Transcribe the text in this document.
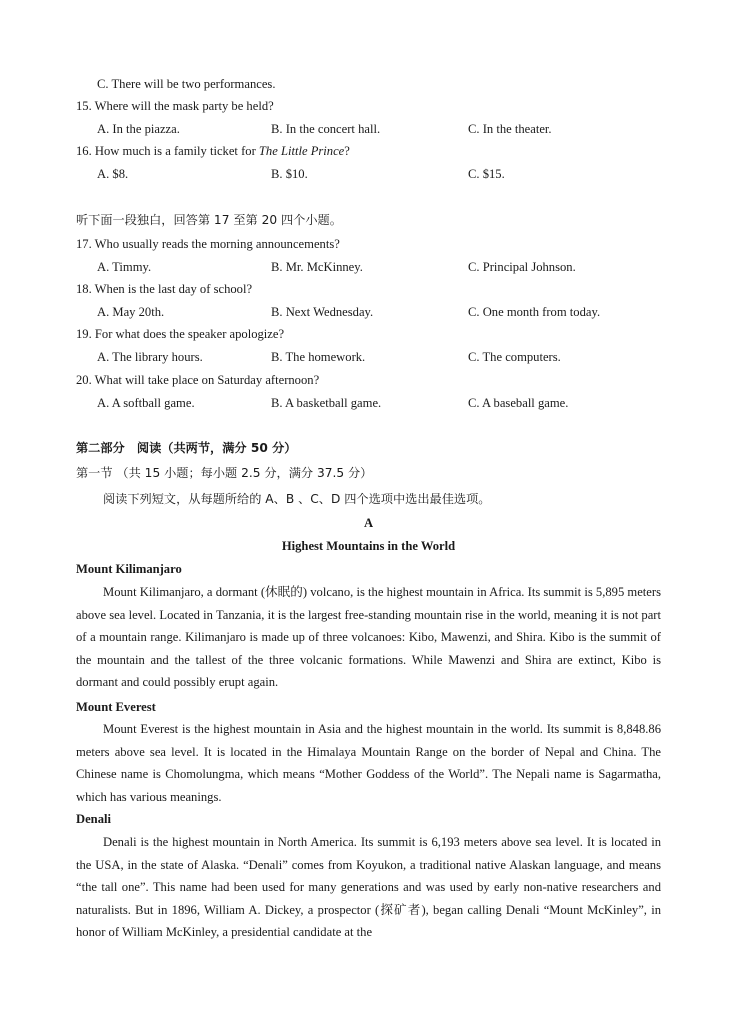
C. There will be two performances.
15. Where will the mask party be held?
A. In the piazza.	B. In the concert hall.	C. In the theater.
16. How much is a family ticket for The Little Prince?
A. $8.	B. $10.	C. $15.
听下面一段独白，回答第 17 至第 20 四个小题。
17. Who usually reads the morning announcements?
A. Timmy.	B. Mr. McKinney.	C. Principal Johnson.
18. When is the last day of school?
A. May 20th.	B. Next Wednesday.	C. One month from today.
19. For what does the speaker apologize?
A. The library hours.	B. The homework.	C. The computers.
20. What will take place on Saturday afternoon?
A. A softball game.	B. A basketball game.	C. A baseball game.
第二部分　阅读（共两节，满分 50 分）
第一节 （共 15 小题；每小题 2.5 分，满分 37.5 分）
阅读下列短文，从每题所给的 A、B 、C、D 四个选项中选出最佳选项。
A
Highest Mountains in the World
Mount Kilimanjaro

Mount Kilimanjaro, a dormant (休眠的) volcano, is the highest mountain in Africa. Its summit is 5,895 meters above sea level. Located in Tanzania, it is the largest free-standing mountain rise in the world, meaning it is not part of a mountain range. Kilimanjaro is made up of three volcanoes: Kibo, Mawenzi, and Shira. Kibo is the summit of the mountain and the tallest of the three volcanic formations. While Mawenzi and Shira are extinct, Kibo is dormant and could possibly erupt again.

Mount Everest

Mount Everest is the highest mountain in Asia and the highest mountain in the world. Its summit is 8,848.86 meters above sea level. It is located in the Himalaya Mountain Range on the border of Nepal and China. The Chinese name is Chomolungma, which means “Mother Goddess of the World”. The Nepali name is Sagarmatha, which has various meanings.

Denali

Denali is the highest mountain in North America. Its summit is 6,193 meters above sea level. It is located in the USA, in the state of Alaska. “Denali” comes from Koyukon, a traditional native Alaskan language, and means “the tall one”. This name had been used for many generations and was used by early non-native researchers and naturalists. But in 1896, William A. Dickey, a prospector (探矿者), began calling Denali “Mount McKinley”, in honor of William McKinley, a presidential candidate at the
